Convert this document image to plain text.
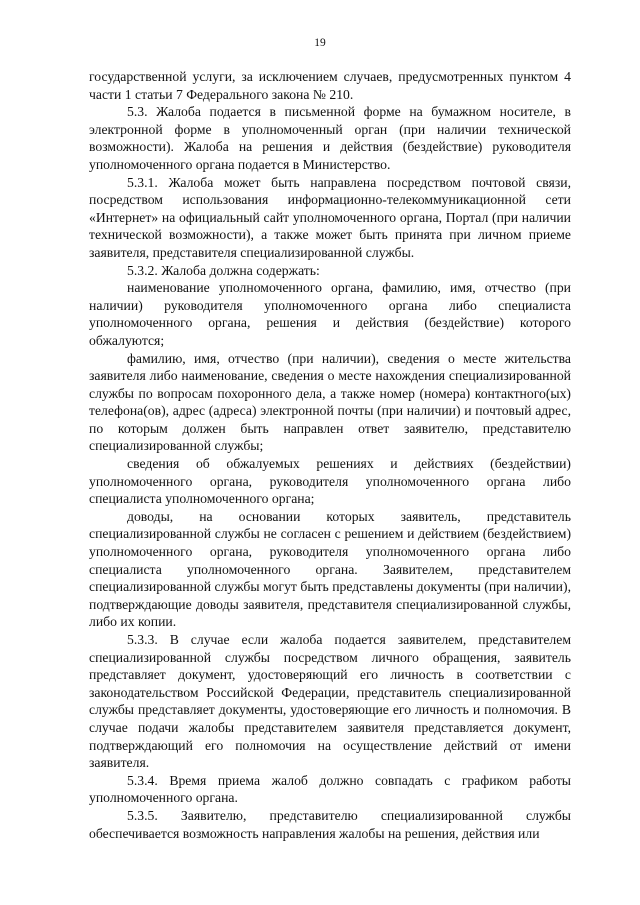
19

государственной услуги, за исключением случаев, предусмотренных пунктом 4 части 1 статьи 7 Федерального закона № 210.

5.3. Жалоба подается в письменной форме на бумажном носителе, в электронной форме в уполномоченный орган (при наличии технической возможности). Жалоба на решения и действия (бездействие) руководителя уполномоченного органа подается в Министерство.

5.3.1. Жалоба может быть направлена посредством почтовой связи, посредством использования информационно-телекоммуникационной сети «Интернет» на официальный сайт уполномоченного органа, Портал (при наличии технической возможности), а также может быть принята при личном приеме заявителя, представителя специализированной службы.

5.3.2. Жалоба должна содержать:

наименование уполномоченного органа, фамилию, имя, отчество (при наличии) руководителя уполномоченного органа либо специалиста уполномоченного органа, решения и действия (бездействие) которого обжалуются;

фамилию, имя, отчество (при наличии), сведения о месте жительства заявителя либо наименование, сведения о месте нахождения специализированной службы по вопросам похоронного дела, а также номер (номера) контактного(ых) телефона(ов), адрес (адреса) электронной почты (при наличии) и почтовый адрес, по которым должен быть направлен ответ заявителю, представителю специализированной службы;

сведения об обжалуемых решениях и действиях (бездействии) уполномоченного органа, руководителя уполномоченного органа либо специалиста уполномоченного органа;

доводы, на основании которых заявитель, представитель специализированной службы не согласен с решением и действием (бездействием) уполномоченного органа, руководителя уполномоченного органа либо специалиста уполномоченного органа. Заявителем, представителем специализированной службы могут быть представлены документы (при наличии), подтверждающие доводы заявителя, представителя специализированной службы, либо их копии.

5.3.3. В случае если жалоба подается заявителем, представителем специализированной службы посредством личного обращения, заявитель представляет документ, удостоверяющий его личность в соответствии с законодательством Российской Федерации, представитель специализированной службы представляет документы, удостоверяющие его личность и полномочия. В случае подачи жалобы представителем заявителя представляется документ, подтверждающий его полномочия на осуществление действий от имени заявителя.

5.3.4. Время приема жалоб должно совпадать с графиком работы уполномоченного органа.

5.3.5. Заявителю, представителю специализированной службы обеспечивается возможность направления жалобы на решения, действия или
